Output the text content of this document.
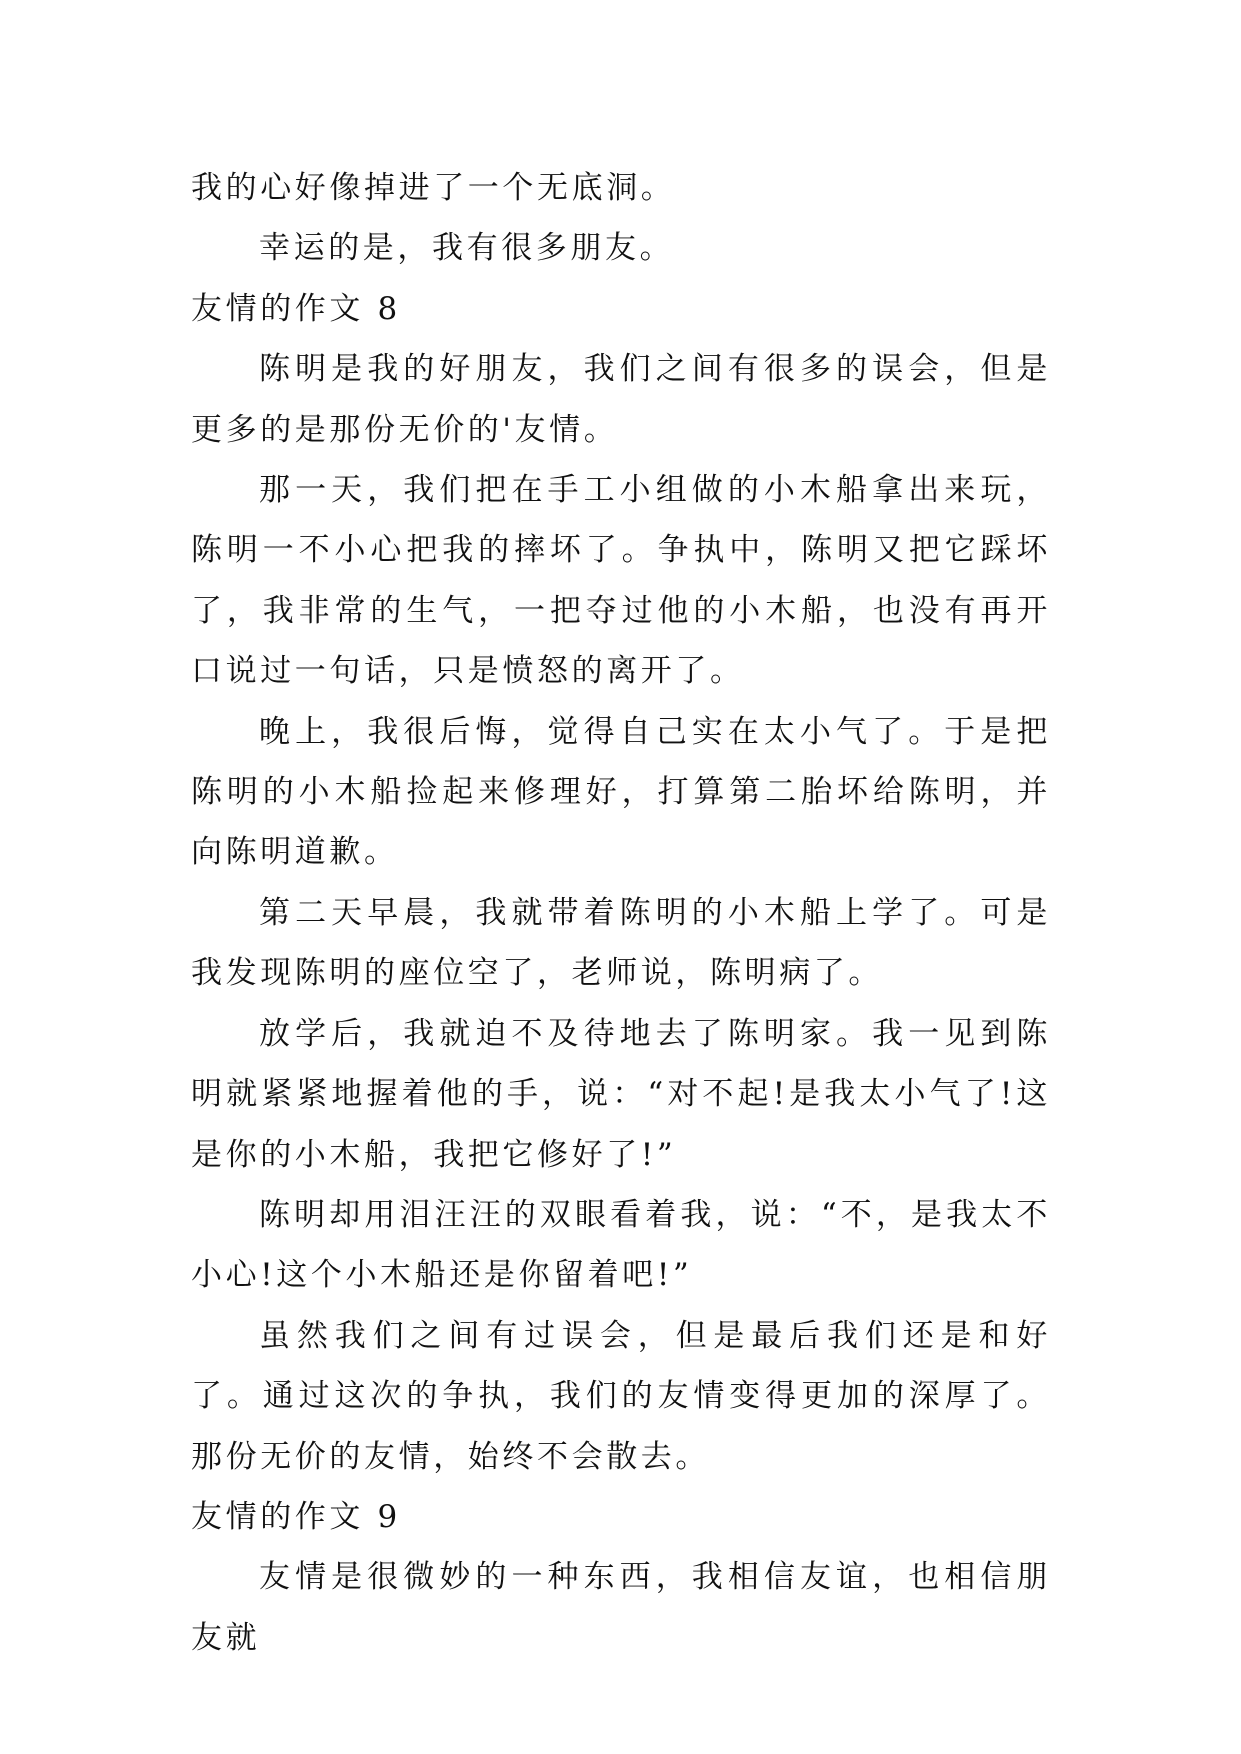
我的心好像掉进了一个无底洞。

幸运的是，我有很多朋友。

友情的作文 8

陈明是我的好朋友，我们之间有很多的误会，但是更多的是那份无价的'友情。

那一天，我们把在手工小组做的小木船拿出来玩，陈明一不小心把我的摔坏了。争执中，陈明又把它踩坏了，我非常的生气，一把夺过他的小木船，也没有再开口说过一句话，只是愤怒的离开了。

晚上，我很后悔，觉得自己实在太小气了。于是把陈明的小木船捡起来修理好，打算第二胎坏给陈明，并向陈明道歉。

第二天早晨，我就带着陈明的小木船上学了。可是我发现陈明的座位空了，老师说，陈明病了。

放学后，我就迫不及待地去了陈明家。我一见到陈明就紧紧地握着他的手，说：“对不起!是我太小气了!这是你的小木船，我把它修好了!”

陈明却用泪汪汪的双眼看着我，说：“不，是我太不小心!这个小木船还是你留着吧!”

虽然我们之间有过误会，但是最后我们还是和好了。通过这次的争执，我们的友情变得更加的深厚了。那份无价的友情，始终不会散去。

友情的作文 9

友情是很微妙的一种东西，我相信友谊，也相信朋友就
